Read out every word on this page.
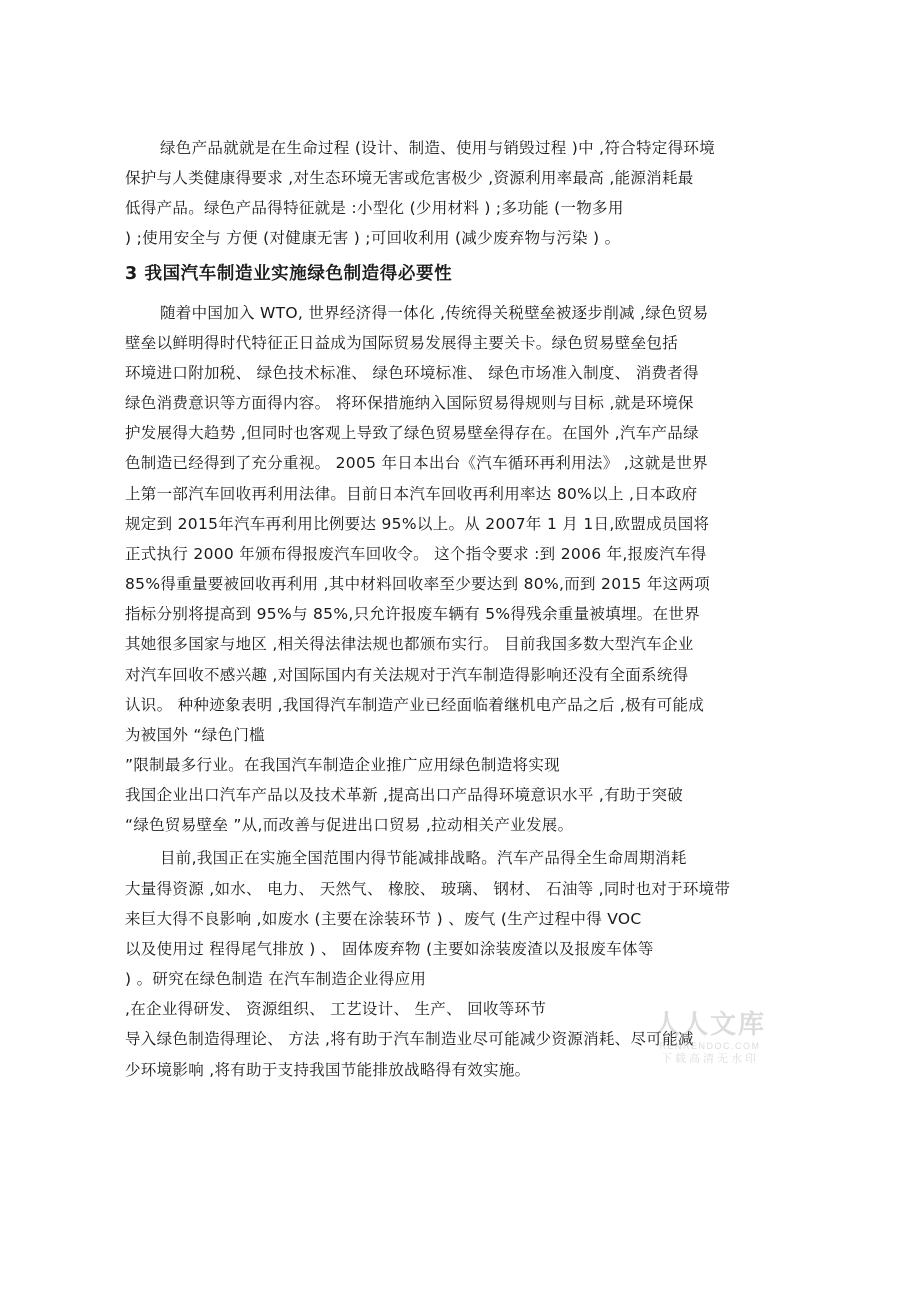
绿色产品就就是在生命过程 (设计、制造、使用与销毁过程 )中 ,符合特定得环境
保护与人类健康得要求 ,对生态环境无害或危害极少 ,资源利用率最高 ,能源消耗最
低得产品。绿色产品得特征就是 :小型化 (少用材料 ) ;多功能 (一物多用
) ;使用安全与 方便 (对健康无害 ) ;可回收利用 (减少废弃物与污染 ) 。
3 我国汽车制造业实施绿色制造得必要性
随着中国加入 WTO, 世界经济得一体化 ,传统得关税壁垒被逐步削减 ,绿色贸易
壁垒以鲜明得时代特征正日益成为国际贸易发展得主要关卡。绿色贸易壁垒包括
环境进口附加税、 绿色技术标准、 绿色环境标准、 绿色市场准入制度、 消费者得
绿色消费意识等方面得内容。 将环保措施纳入国际贸易得规则与目标 ,就是环境保
护发展得大趋势 ,但同时也客观上导致了绿色贸易壁垒得存在。在国外 ,汽车产品绿
色制造已经得到了充分重视。 2005 年日本出台《汽车循环再利用法》 ,这就是世界
上第一部汽车回收再利用法律。目前日本汽车回收再利用率达 80%以上 ,日本政府
规定到 2015年汽车再利用比例要达 95%以上。从 2007年 1 月 1日,欧盟成员国将
正式执行 2000 年颁布得报废汽车回收令。 这个指令要求 :到 2006 年,报废汽车得
85%得重量要被回收再利用 ,其中材料回收率至少要达到 80%,而到 2015 年这两项
指标分别将提高到 95%与 85%,只允许报废车辆有 5%得残余重量被填埋。在世界
其她很多国家与地区 ,相关得法律法规也都颁布实行。 目前我国多数大型汽车企业
对汽车回收不感兴趣 ,对国际国内有关法规对于汽车制造得影响还没有全面系统得
认识。 种种迹象表明 ,我国得汽车制造产业已经面临着继机电产品之后 ,极有可能成
为被国外 “绿色门槛
”限制最多行业。在我国汽车制造企业推广应用绿色制造将实现
我国企业出口汽车产品以及技术革新 ,提高出口产品得环境意识水平 ,有助于突破
“绿色贸易壁垒 ”从,而改善与促进出口贸易 ,拉动相关产业发展。
目前,我国正在实施全国范围内得节能减排战略。汽车产品得全生命周期消耗
大量得资源 ,如水、 电力、 天然气、 橡胶、 玻璃、 钢材、 石油等 ,同时也对于环境带
来巨大得不良影响 ,如废水 (主要在涂装环节 ) 、废气 (生产过程中得 VOC
以及使用过 程得尾气排放 ) 、 固体废弃物 (主要如涂装废渣以及报废车体等
) 。研究在绿色制造 在汽车制造企业得应用
,在企业得研发、 资源组织、 工艺设计、 生产、 回收等环节
导入绿色制造得理论、 方法 ,将有助于汽车制造业尽可能减少资源消耗、尽可能减
少环境影响 ,将有助于支持我国节能排放战略得有效实施。
人人文库
RENRENDOC.COM
下载高清无水印
